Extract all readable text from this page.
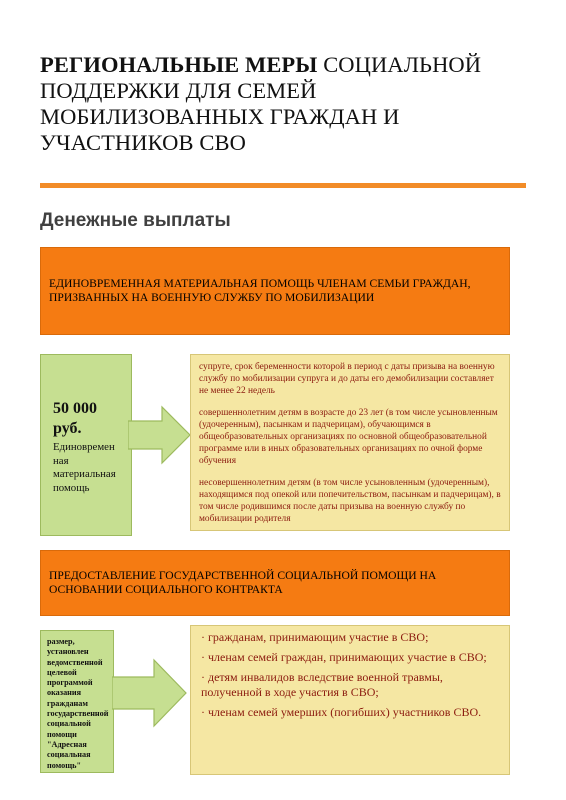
РЕГИОНАЛЬНЫЕ МЕРЫ СОЦИАЛЬНОЙ ПОДДЕРЖКИ ДЛЯ СЕМЕЙ МОБИЛИЗОВАННЫХ ГРАЖДАН И УЧАСТНИКОВ СВО
Денежные выплаты
ЕДИНОВРЕМЕННАЯ МАТЕРИАЛЬНАЯ ПОМОЩЬ ЧЛЕНАМ СЕМЬИ ГРАЖДАН, ПРИЗВАННЫХ НА ВОЕННУЮ СЛУЖБУ ПО МОБИЛИЗАЦИИ
50 000
руб.
Единовремен ная материальная помощь

супруге, срок беременности которой в период с даты призыва на военную службу по мобилизации супруга и до даты его демобилизации составляет не менее 22 недель

совершеннолетним детям в возрасте до 23 лет (в том числе усыновленным (удочеренным), пасынкам и падчерицам), обучающимся в общеобразовательных организациях по основной общеобразовательной программе или в иных образовательных организациях по очной форме обучения

несовершеннолетним детям (в том числе усыновленным (удочеренным), находящимся под опекой или попечительством, пасынкам и падчерицам), в том числе родившимся после даты призыва на военную службу по мобилизации родителя

ПРЕДОСТАВЛЕНИЕ ГОСУДАРСТВЕННОЙ СОЦИАЛЬНОЙ ПОМОЩИ НА ОСНОВАНИИ СОЦИАЛЬНОГО КОНТРАКТА
размер, установлен ведомственной целевой программой оказания гражданам государственной социальной помощи "Адресная социальная помощь"

· гражданам, принимающим участие в СВО;

· членам семей граждан, принимающих участие в СВО;

· детям инвалидов вследствие военной травмы, полученной в ходе участия в СВО;

· членам семей умерших (погибших) участников СВО.
